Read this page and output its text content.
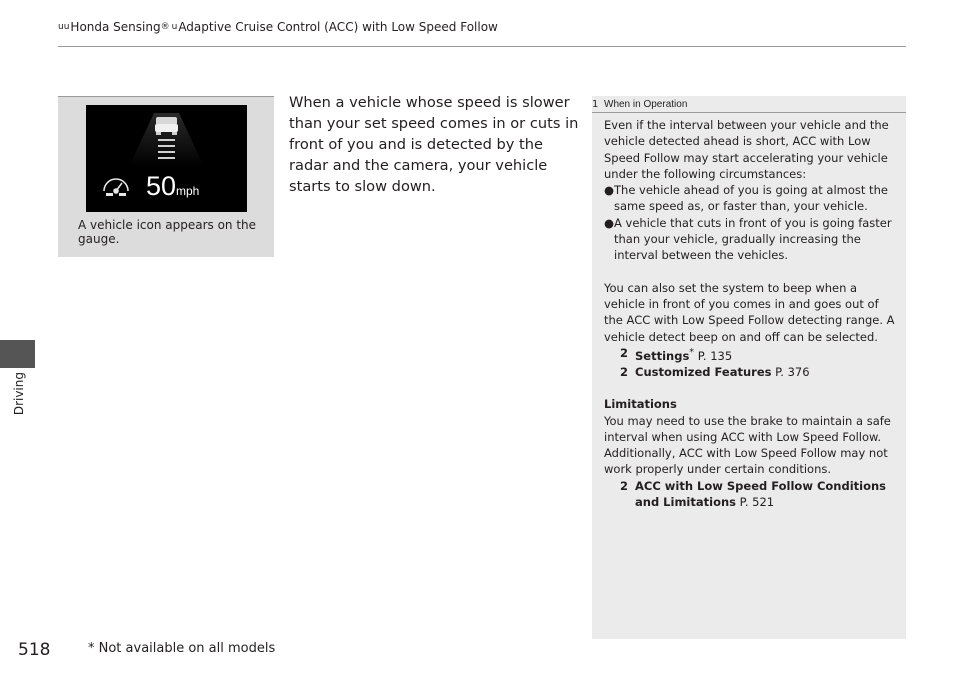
uu Honda Sensing ® u Adaptive Cruise Control (ACC) with Low Speed Follow
Driving
50 mph
A vehicle icon appears on the gauge.
When a vehicle whose speed is slower than your set speed comes in or cuts in front of you and is detected by the radar and the camera, your vehicle starts to slow down.
1 When in Operation

Even if the interval between your vehicle and the vehicle detected ahead is short, ACC with Low Speed Follow may start accelerating your vehicle under the following circumstances:

● The vehicle ahead of you is going at almost the same speed as, or faster than, your vehicle.
● A vehicle that cuts in front of you is going faster than your vehicle, gradually increasing the interval between the vehicles.

You can also set the system to beep when a vehicle in front of you comes in and goes out of the ACC with Low Speed Follow detecting range. A vehicle detect beep on and off can be selected.

2 Settings* P. 135
2 Customized Features P. 376

Limitations

You may need to use the brake to maintain a safe interval when using ACC with Low Speed Follow. Additionally, ACC with Low Speed Follow may not work properly under certain conditions.

2 ACC with Low Speed Follow Conditions and Limitations P. 521
518	* Not available on all models
